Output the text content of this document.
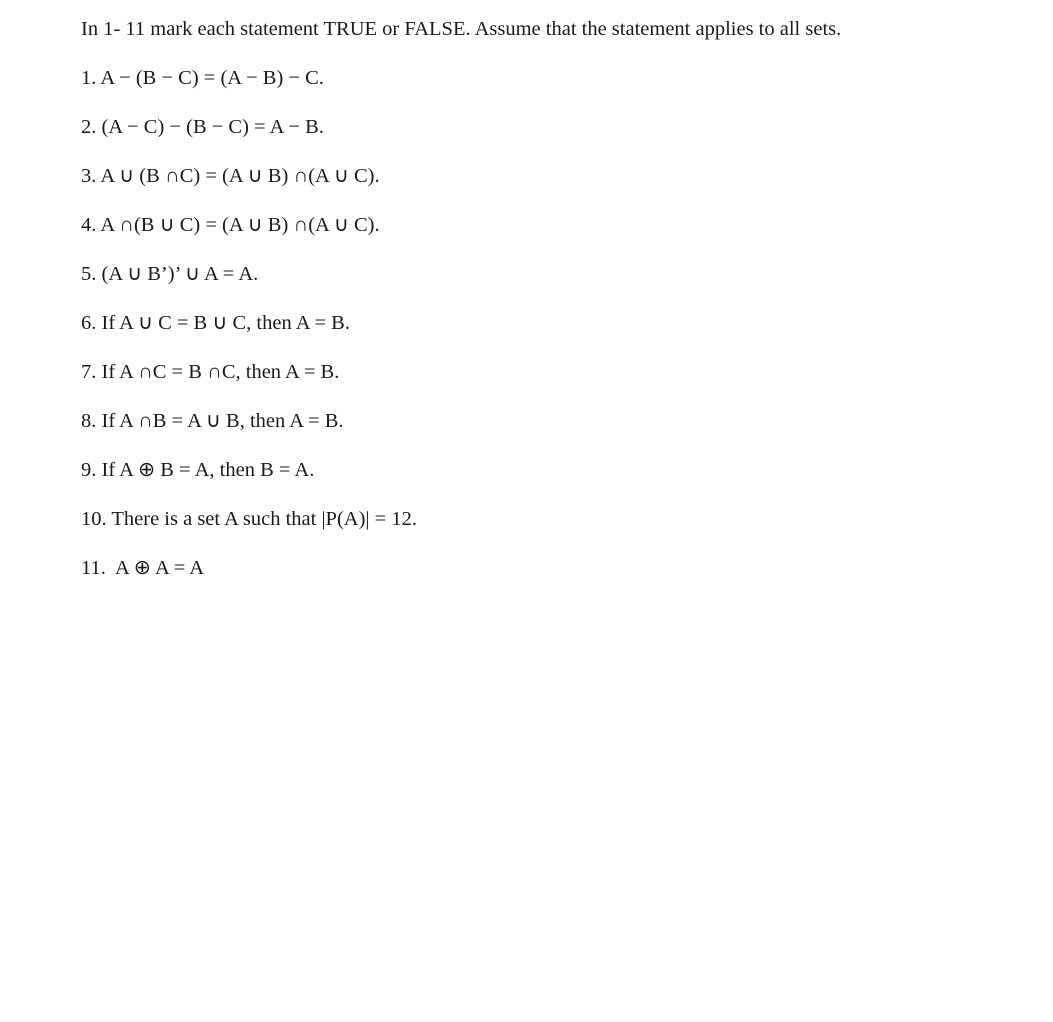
In 1- 11 mark each statement TRUE or FALSE. Assume that the statement applies to all sets.
1. A − (B − C) = (A − B) − C.
2. (A − C) − (B − C) = A − B.
3. A ∪ (B ∩C) = (A ∪ B) ∩(A ∪ C).
4. A ∩(B ∪ C) = (A ∪ B) ∩(A ∪ C).
5. (A ∪ B’)’ ∪ A = A.
6. If A ∪ C = B ∪ C, then A = B.
7. If A ∩C = B ∩C, then A = B.
8. If A ∩B = A ∪ B, then A = B.
9. If A ⊕ B = A, then B = A.
10. There is a set A such that |P(A)| = 12.
11.  A ⊕ A = A
